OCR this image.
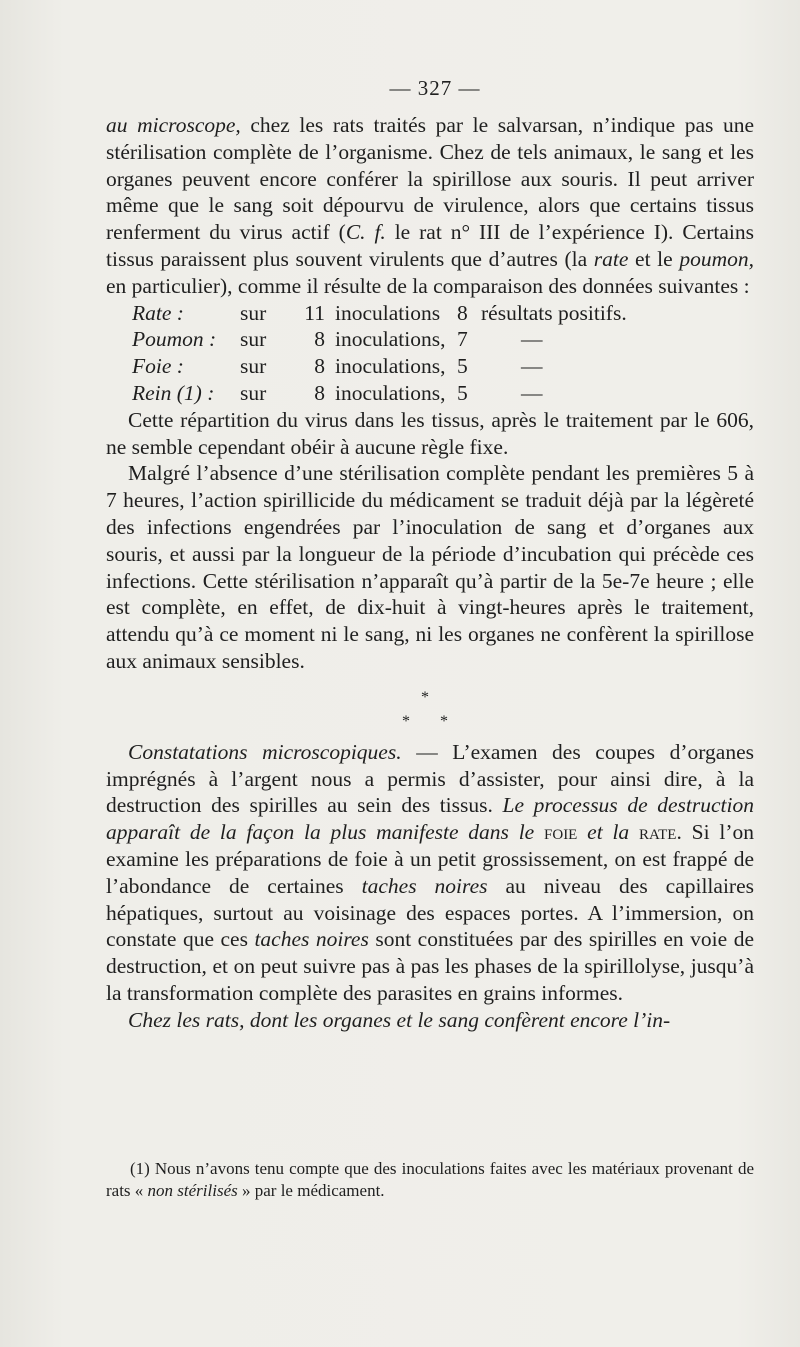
— 327 —

au microscope, chez les rats traités par le salvarsan, n’indique pas une stérilisation complète de l’organisme. Chez de tels animaux, le sang et les organes peuvent encore conférer la spirillose aux souris. Il peut arriver même que le sang soit dépourvu de virulence, alors que certains tissus renferment du virus actif (C. f. le rat n° III de l’expérience I). Certains tissus paraissent plus souvent virulents que d’autres (la rate et le poumon, en particulier), comme il résulte de la comparaison des données suivantes :

Rate :	sur	11 inoculations 8 résultats positifs.
Poumon :	sur	8 inoculations, 7	—
Foie :	sur	8 inoculations, 5	—
Rein (1) :	sur	8 inoculations, 5	—

Cette répartition du virus dans les tissus, après le traitement par le 606, ne semble cependant obéir à aucune règle fixe.

Malgré l’absence d’une stérilisation complète pendant les premières 5 à 7 heures, l’action spirillicide du médicament se traduit déjà par la légèreté des infections engendrées par l’inoculation de sang et d’organes aux souris, et aussi par la longueur de la période d’incubation qui précède ces infections. Cette stérilisation n’apparaît qu’à partir de la 5e-7e heure ; elle est complète, en effet, de dix-huit à vingt-heures après le traitement, attendu qu’à ce moment ni le sang, ni les organes ne confèrent la spirillose aux animaux sensibles.

*
* *

Constatations microscopiques. — L’examen des coupes d’organes imprégnés à l’argent nous a permis d’assister, pour ainsi dire, à la destruction des spirilles au sein des tissus. Le processus de destruction apparaît de la façon la plus manifeste dans le foie et la rate. Si l’on examine les préparations de foie à un petit grossissement, on est frappé de l’abondance de certaines taches noires au niveau des capillaires hépatiques, surtout au voisinage des espaces portes. A l’immersion, on constate que ces taches noires sont constituées par des spirilles en voie de destruction, et on peut suivre pas à pas les phases de la spirillolyse, jusqu’à la transformation complète des parasites en grains informes.

Chez les rats, dont les organes et le sang confèrent encore l’in-

(1) Nous n’avons tenu compte que des inoculations faites avec les matériaux provenant de rats « non stérilisés » par le médicament.
